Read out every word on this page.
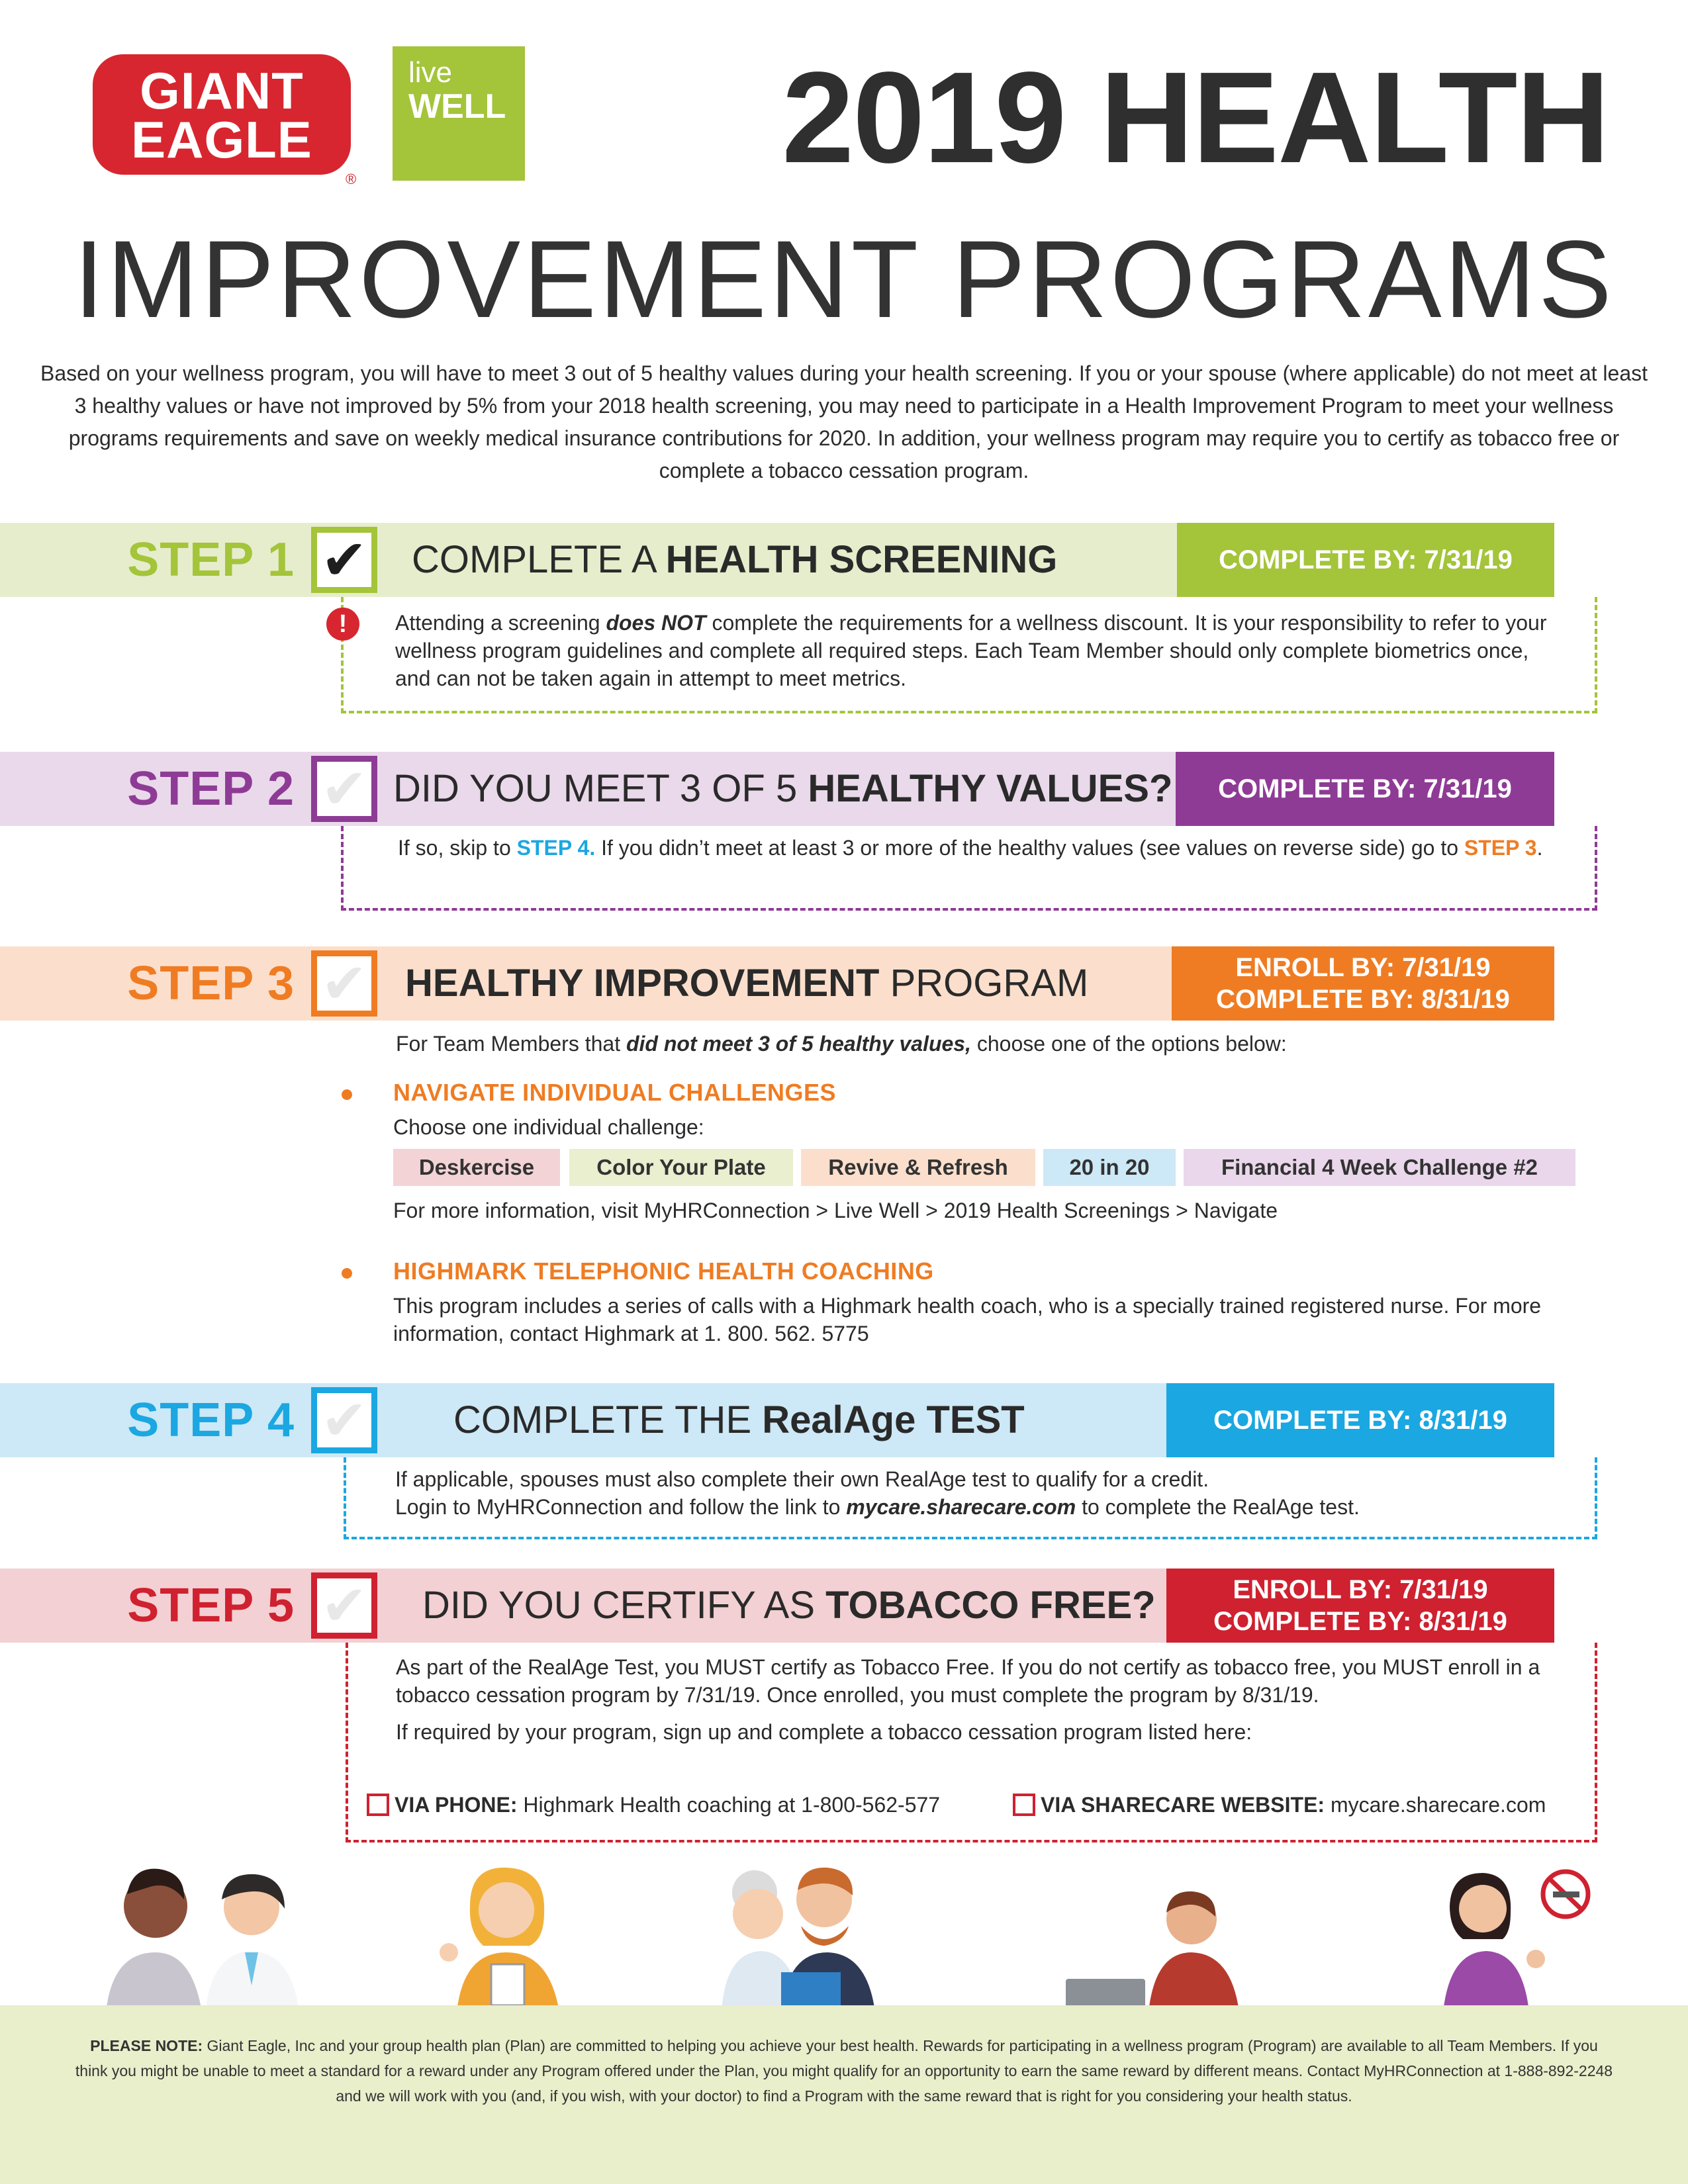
GIANT
EAGLE
®
live
WELL 2019 HEALTH
IMPROVEMENT PROGRAMS
Based on your wellness program, you will have to meet 3 out of 5 healthy values during your health screening. If you or your spouse (where applicable) do not meet at least 3 healthy values or have not improved by 5% from your 2018 health screening, you may need to participate in a Health Improvement Program to meet your wellness programs requirements and save on weekly medical insurance contributions for 2020. In addition, your wellness program may require you to certify as tobacco free or complete a tobacco cessation program.
STEP 1 ✔ COMPLETE A HEALTH SCREENING	COMPLETE BY: 7/31/19

Attending a screening does NOT complete the requirements for a wellness discount. It is your responsibility to refer to your wellness program guidelines and complete all required steps. Each Team Member should only complete biometrics once, and can not be taken again in attempt to meet metrics.

!
STEP 2 ✔ DID YOU MEET 3 OF 5 HEALTHY VALUES?	COMPLETE BY: 7/31/19

If so, skip to STEP 4. If you didn’t meet at least 3 or more of the healthy values (see values on reverse side) go to STEP 3.

STEP 3 ✔ HEALTHY IMPROVEMENT PROGRAM	ENROLL BY: 7/31/19
COMPLETE BY: 8/31/19
For Team Members that did not meet 3 of 5 healthy values, choose one of the options below:
NAVIGATE INDIVIDUAL CHALLENGES
Choose one individual challenge:
Deskercise	Color Your Plate	Revive & Refresh	20 in 20	Financial 4 Week Challenge #2
For more information, visit MyHRConnection > Live Well > 2019 Health Screenings > Navigate
HIGHMARK TELEPHONIC HEALTH COACHING
This program includes a series of calls with a Highmark health coach, who is a specially trained registered nurse. For more information, contact Highmark at 1. 800. 562. 5775
STEP 4 ✔ COMPLETE THE RealAge TEST	COMPLETE BY: 8/31/19

If applicable, spouses must also complete their own RealAge test to qualify for a credit.

Login to MyHRConnection and follow the link to mycare.sharecare.com to complete the RealAge test.

STEP 5 ✔ DID YOU CERTIFY AS TOBACCO FREE?	ENROLL BY: 7/31/19
COMPLETE BY: 8/31/19

As part of the RealAge Test, you MUST certify as Tobacco Free. If you do not certify as tobacco free, you MUST enroll in a tobacco cessation program by 7/31/19. Once enrolled, you must complete the program by 8/31/19.

If required by your program, sign up and complete a tobacco cessation program listed here:

VIA PHONE: Highmark Health coaching at 1-800-562-577	VIA SHARECARE WEBSITE: mycare.sharecare.com
PLEASE NOTE: Giant Eagle, Inc and your group health plan (Plan) are committed to helping you achieve your best health. Rewards for participating in a wellness program (Program) are available to all Team Members. If you think you might be unable to meet a standard for a reward under any Program offered under the Plan, you might qualify for an opportunity to earn the same reward by different means. Contact MyHRConnection at 1-888-892-2248 and we will work with you (and, if you wish, with your doctor) to find a Program with the same reward that is right for you considering your health status.
